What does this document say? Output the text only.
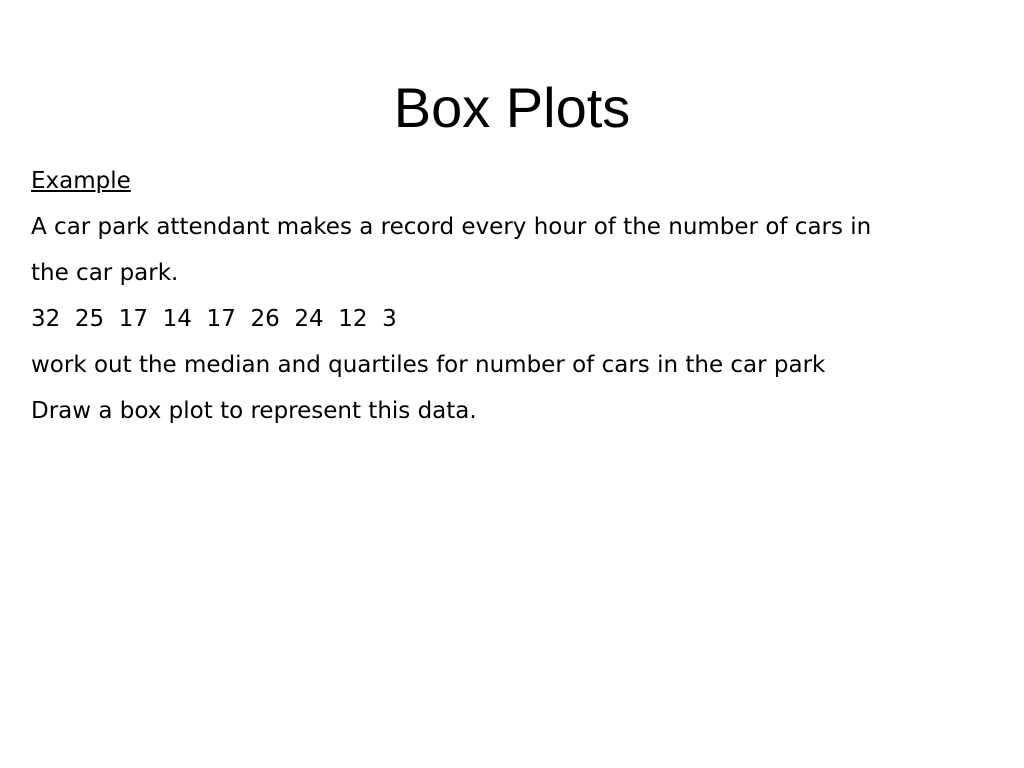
Box Plots

Example

A car park attendant makes a record every hour of the number of cars in

the car park.

32  25  17  14  17  26  24  12  3

work out the median and quartiles for number of cars in the car park

Draw a box plot to represent this data.
